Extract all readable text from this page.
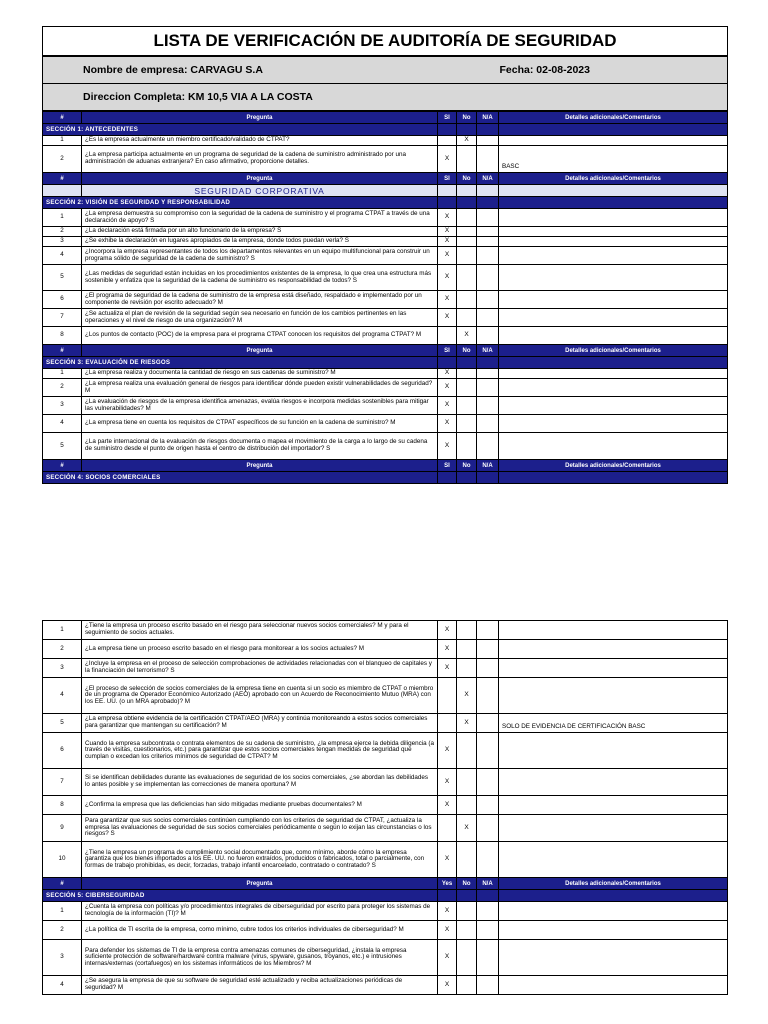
LISTA DE VERIFICACIÓN DE AUDITORÍA DE SEGURIDAD
Nombre de empresa: CARVAGU S.A	Fecha: 02-08-2023
Direccion Completa: KM 10,5 VIA A LA COSTA
#	Pregunta	SI	No	N/A	Detalles adicionales/Comentarios
SECCIÓN 1: ANTECEDENTES					
1	¿Es la empresa actualmente un miembro certificado/validado de CTPAT?		X		
2	¿La empresa participa actualmente en un programa de seguridad de la cadena de suministro administrado por una administración de aduanas extranjera? En caso afirmativo, proporcione detalles.	X			BASC
#	Pregunta	SI	No	N/A	Detalles adicionales/Comentarios
	SEGURIDAD CORPORATIVA				
SECCIÓN 2: VISIÓN DE SEGURIDAD Y RESPONSABILIDAD					
1	¿La empresa demuestra su compromiso con la seguridad de la cadena de suministro y el programa CTPAT a través de una declaración de apoyo? S	X			
2	¿La declaración está firmada por un alto funcionario de la empresa? S	X			
3	¿Se exhibe la declaración en lugares apropiados de la empresa, donde todos puedan verla? S	X			
4	¿Incorpora la empresa representantes de todos los departamentos relevantes en un equipo multifuncional para construir un programa sólido de seguridad de la cadena de suministro? S	X			
5	¿Las medidas de seguridad están incluidas en los procedimientos existentes de la empresa, lo que crea una estructura más sostenible y enfatiza que la seguridad de la cadena de suministro es responsabilidad de todos? S	X			
6	¿El programa de seguridad de la cadena de suministro de la empresa está diseñado, respaldado e implementado por un componente de revisión por escrito adecuado? M	X			
7	¿Se actualiza el plan de revisión de la seguridad según sea necesario en función de los cambios pertinentes en las operaciones y el nivel de riesgo de una organización? M	X			
8	¿Los puntos de contacto (POC) de la empresa para el programa CTPAT conocen los requisitos del programa CTPAT? M		X		
#	Pregunta	SI	No	N/A	Detalles adicionales/Comentarios
SECCIÓN 3: EVALUACIÓN DE RIESGOS					
1	¿La empresa realiza y documenta la cantidad de riesgo en sus cadenas de suministro? M	X			
2	¿La empresa realiza una evaluación general de riesgos para identificar dónde pueden existir vulnerabilidades de seguridad? M	X			
3	¿La evaluación de riesgos de la empresa identifica amenazas, evalúa riesgos e incorpora medidas sostenibles para mitigar las vulnerabilidades? M	X			
4	¿La empresa tiene en cuenta los requisitos de CTPAT específicos de su función en la cadena de suministro? M	X			
5	¿La parte internacional de la evaluación de riesgos documenta o mapea el movimiento de la carga a lo largo de su cadena de suministro desde el punto de origen hasta el centro de distribución del importador? S	X			
#	Pregunta	SI	No	N/A	Detalles adicionales/Comentarios
SECCIÓN 4: SOCIOS COMERCIALES					
1	¿Tiene la empresa un proceso escrito basado en el riesgo para seleccionar nuevos socios comerciales? M y para el seguimiento de socios actuales.	X			
2	¿La empresa tiene un proceso escrito basado en el riesgo para monitorear a los socios actuales? M	X			
3	¿Incluye la empresa en el proceso de selección comprobaciones de actividades relacionadas con el blanqueo de capitales y la financiación del terrorismo? S	X			
4	¿El proceso de selección de socios comerciales de la empresa tiene en cuenta si un socio es miembro de CTPAT o miembro de un programa de Operador Económico Autorizado (AEO) aprobado con un Acuerdo de Reconocimiento Mutuo (MRA) con los EE. UU. (o un MRA aprobado)? M		X		
5	¿La empresa obtiene evidencia de la certificación CTPAT/AEO (MRA) y continúa monitoreando a estos socios comerciales para garantizar que mantengan su certificación? M		X		SOLO DE EVIDENCIA DE CERTIFICACIÓN BASC
6	Cuando la empresa subcontrata o contrata elementos de su cadena de suministro, ¿la empresa ejerce la debida diligencia (a través de visitas, cuestionarios, etc.) para garantizar que estos socios comerciales tengan medidas de seguridad que cumplan o excedan los criterios mínimos de seguridad de CTPAT? M	X			
7	Si se identifican debilidades durante las evaluaciones de seguridad de los socios comerciales, ¿se abordan las debilidades lo antes posible y se implementan las correcciones de manera oportuna? M	X			
8	¿Confirma la empresa que las deficiencias han sido mitigadas mediante pruebas documentales? M	X			
9	Para garantizar que sus socios comerciales continúen cumpliendo con los criterios de seguridad de CTPAT, ¿actualiza la empresa las evaluaciones de seguridad de sus socios comerciales periódicamente o según lo exijan las circunstancias o los riesgos? S		X		
10	¿Tiene la empresa un programa de cumplimiento social documentado que, como mínimo, aborde cómo la empresa garantiza que los bienes importados a los EE. UU. no fueron extraídos, producidos o fabricados, total o parcialmente, con formas de trabajo prohibidas, es decir, forzadas, trabajo infantil encarcelado, contratado o contratado? S	X			
#	Pregunta	Yes	No	N/A	Detalles adicionales/Comentarios
SECCIÓN 5: CIBERSEGURIDAD					
1	¿Cuenta la empresa con políticas y/o procedimientos integrales de ciberseguridad por escrito para proteger los sistemas de tecnología de la información (TI)? M	X			
2	¿La política de TI escrita de la empresa, como mínimo, cubre todos los criterios individuales de ciberseguridad? M	X			
3	Para defender los sistemas de TI de la empresa contra amenazas comunes de ciberseguridad, ¿instala la empresa suficiente protección de software/hardware contra malware (virus, spyware, gusanos, troyanos, etc.) e intrusiones internas/externas (cortafuegos) en los sistemas informáticos de los Miembros? M	X			
4	¿Se asegura la empresa de que su software de seguridad esté actualizado y reciba actualizaciones periódicas de seguridad? M	X			
